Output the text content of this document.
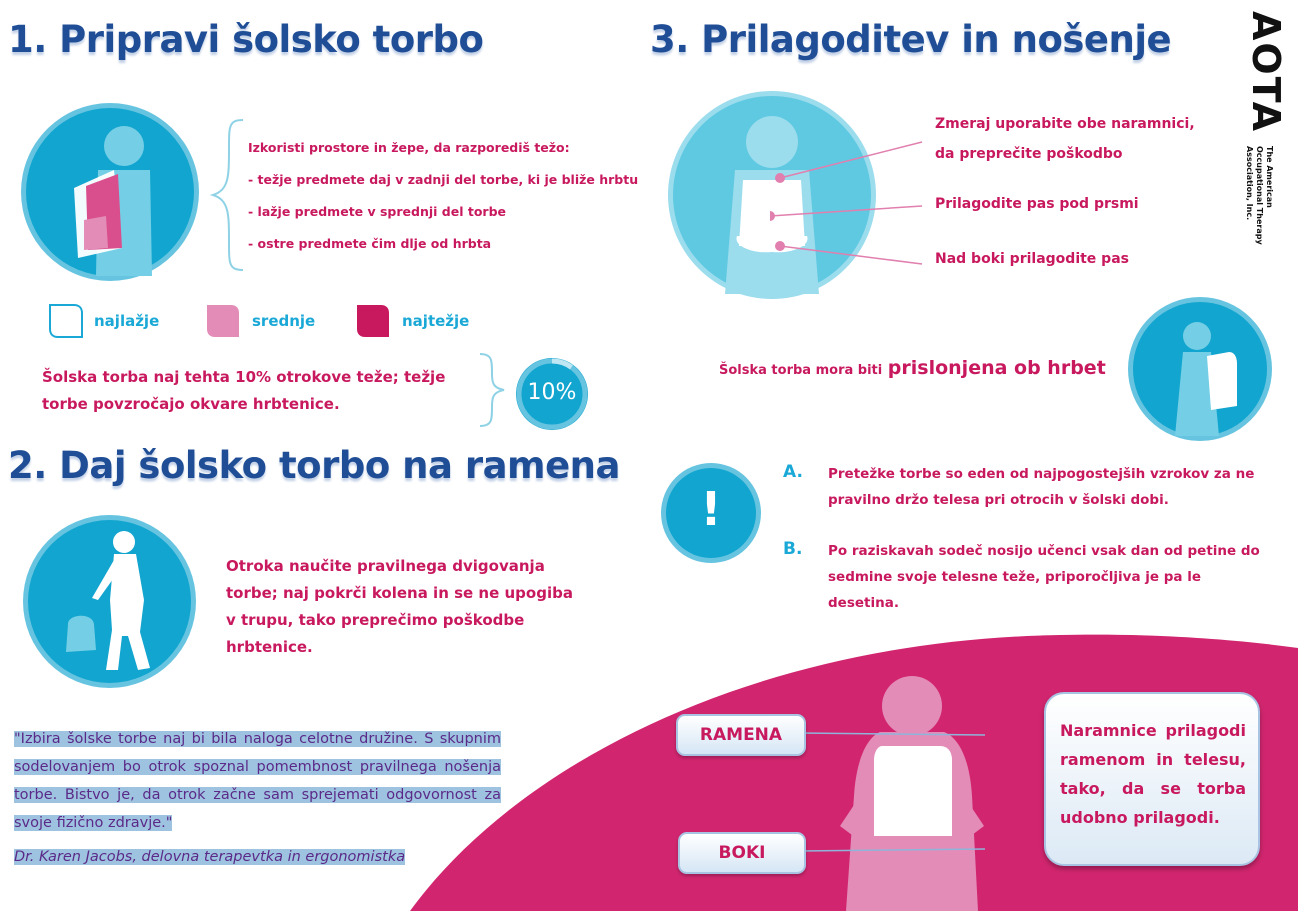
1. Pripravi šolsko torbo
Izkoristi prostore in žepe, da razporediš težo:
- težje predmete daj v zadnji del torbe, ki je bliže hrbtu
- lažje predmete v sprednji del torbe
- ostre predmete čim dlje od hrbta
najlažje	srednje	najtežje
Šolska torba naj tehta 10% otrokove teže; težje torbe povzročajo okvare hrbtenice.	10%
2. Daj šolsko torbo na ramena
Otroka naučite pravilnega dvigovanja torbe; naj pokrči kolena in se ne upogiba v trupu, tako preprečimo poškodbe hrbtenice.
"Izbira šolske torbe naj bi bila naloga celotne družine. S skupnim sodelovanjem bo otrok spoznal pomembnost pravilnega nošenja torbe. Bistvo je, da otrok začne sam sprejemati odgovornost za svoje fizično zdravje."
Dr. Karen Jacobs, delovna terapevtka in ergonomistka
3. Prilagoditev in nošenje
Zmeraj uporabite obe naramnici,
da preprečite poškodbo
Prilagodite pas pod prsmi
Nad boki prilagodite pas
AOTA
The American
Occupational Therapy
Association, Inc.
Šolska torba mora biti prislonjena ob hrbet
!
A. Pretežke torbe so eden od najpogostejših vzrokov za ne pravilno držo telesa pri otrocih v šolski dobi.
B. Po raziskavah sodeč nosijo učenci vsak dan od petine do sedmine svoje telesne teže, priporočljiva je pa le desetina.
RAMENA
BOKI
Naramnice prilagodi ramenom in telesu, tako, da se torba udobno prilagodi.
